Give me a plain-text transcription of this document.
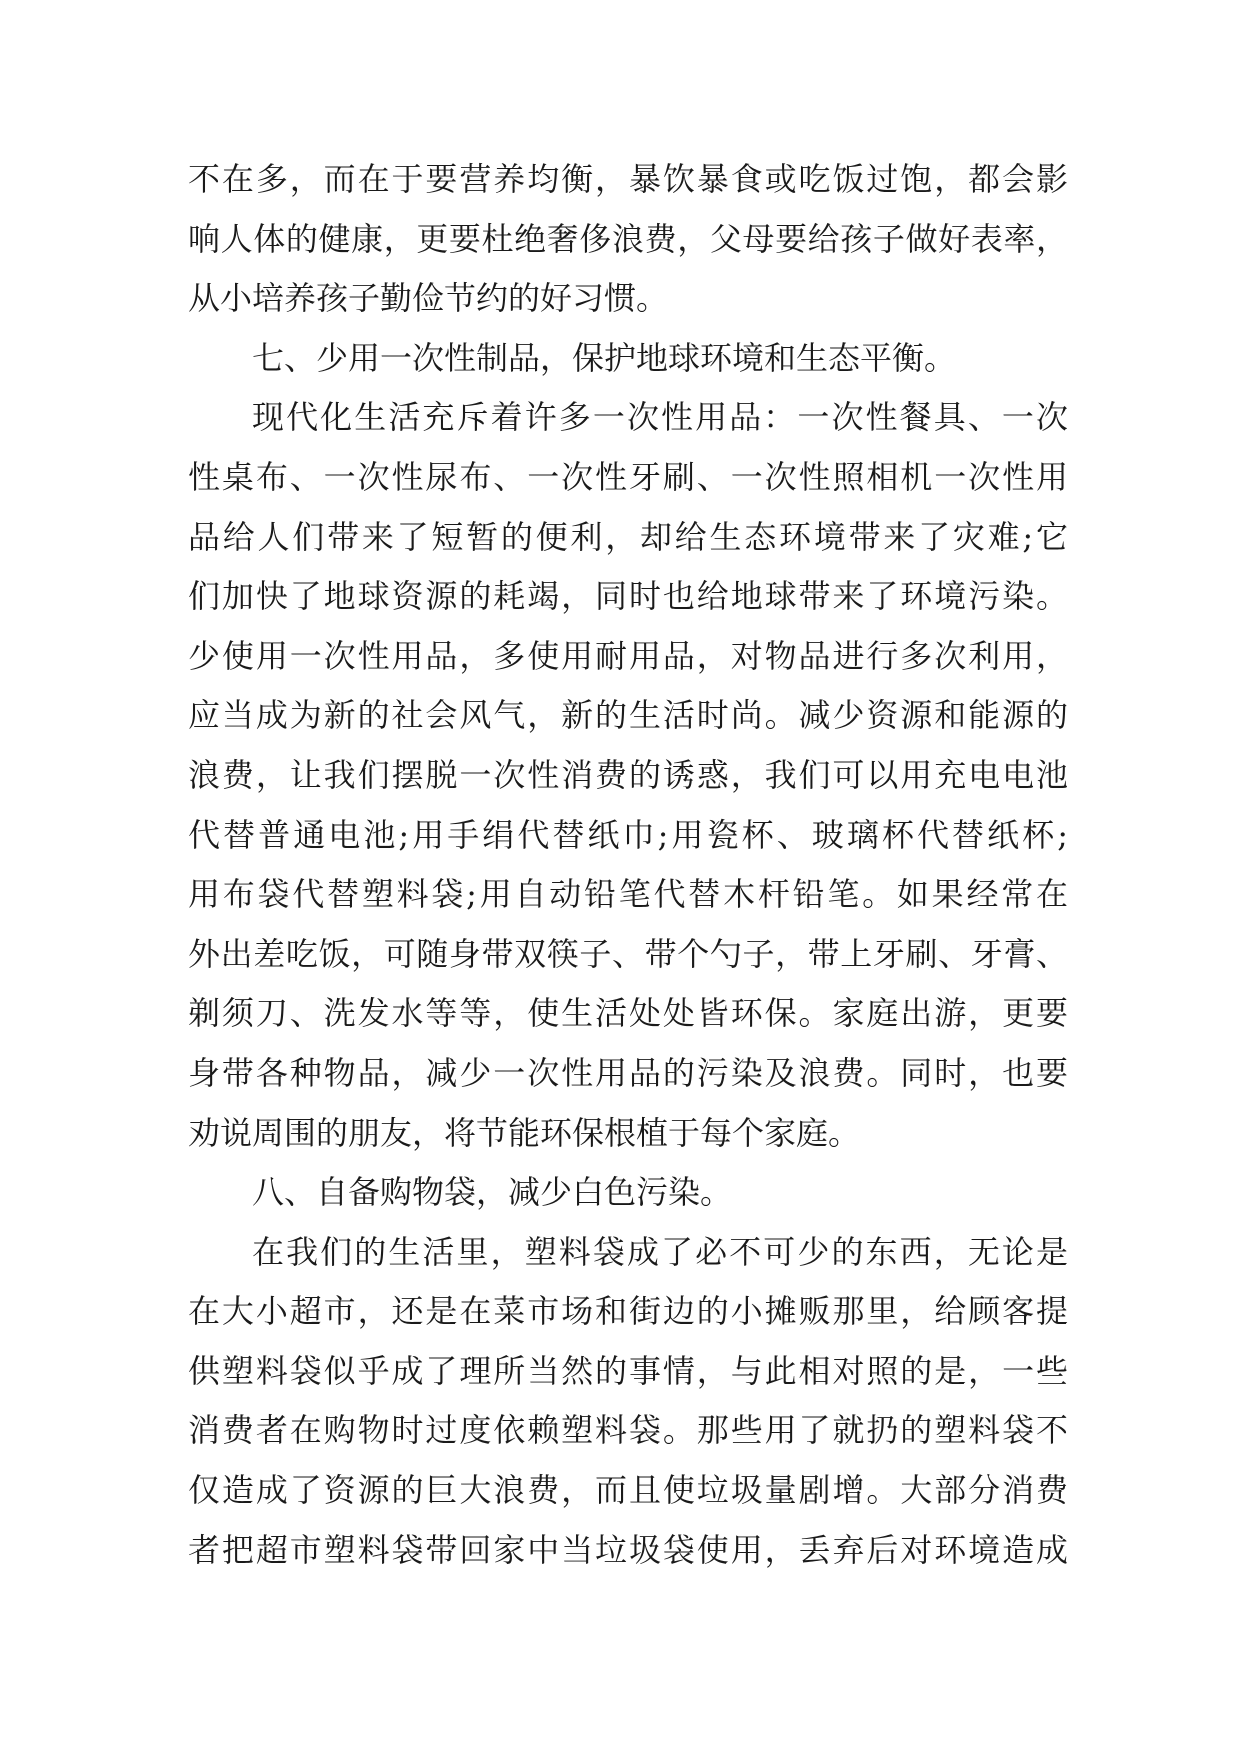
不在多，而在于要营养均衡，暴饮暴食或吃饭过饱，都会影
响人体的健康，更要杜绝奢侈浪费，父母要给孩子做好表率，
从小培养孩子勤俭节约的好习惯。
七、少用一次性制品，保护地球环境和生态平衡。
现代化生活充斥着许多一次性用品：一次性餐具、一次
性桌布、一次性尿布、一次性牙刷、一次性照相机一次性用
品给人们带来了短暂的便利，却给生态环境带来了灾难;它
们加快了地球资源的耗竭，同时也给地球带来了环境污染。
少使用一次性用品，多使用耐用品，对物品进行多次利用，
应当成为新的社会风气，新的生活时尚。减少资源和能源的
浪费，让我们摆脱一次性消费的诱惑，我们可以用充电电池
代替普通电池;用手绢代替纸巾;用瓷杯、玻璃杯代替纸杯;
用布袋代替塑料袋;用自动铅笔代替木杆铅笔。如果经常在
外出差吃饭，可随身带双筷子、带个勺子，带上牙刷、牙膏、
剃须刀、洗发水等等，使生活处处皆环保。家庭出游，更要
身带各种物品，减少一次性用品的污染及浪费。同时，也要
劝说周围的朋友，将节能环保根植于每个家庭。
八、自备购物袋，减少白色污染。
在我们的生活里，塑料袋成了必不可少的东西，无论是
在大小超市，还是在菜市场和街边的小摊贩那里，给顾客提
供塑料袋似乎成了理所当然的事情，与此相对照的是，一些
消费者在购物时过度依赖塑料袋。那些用了就扔的塑料袋不
仅造成了资源的巨大浪费，而且使垃圾量剧增。大部分消费
者把超市塑料袋带回家中当垃圾袋使用，丢弃后对环境造成
